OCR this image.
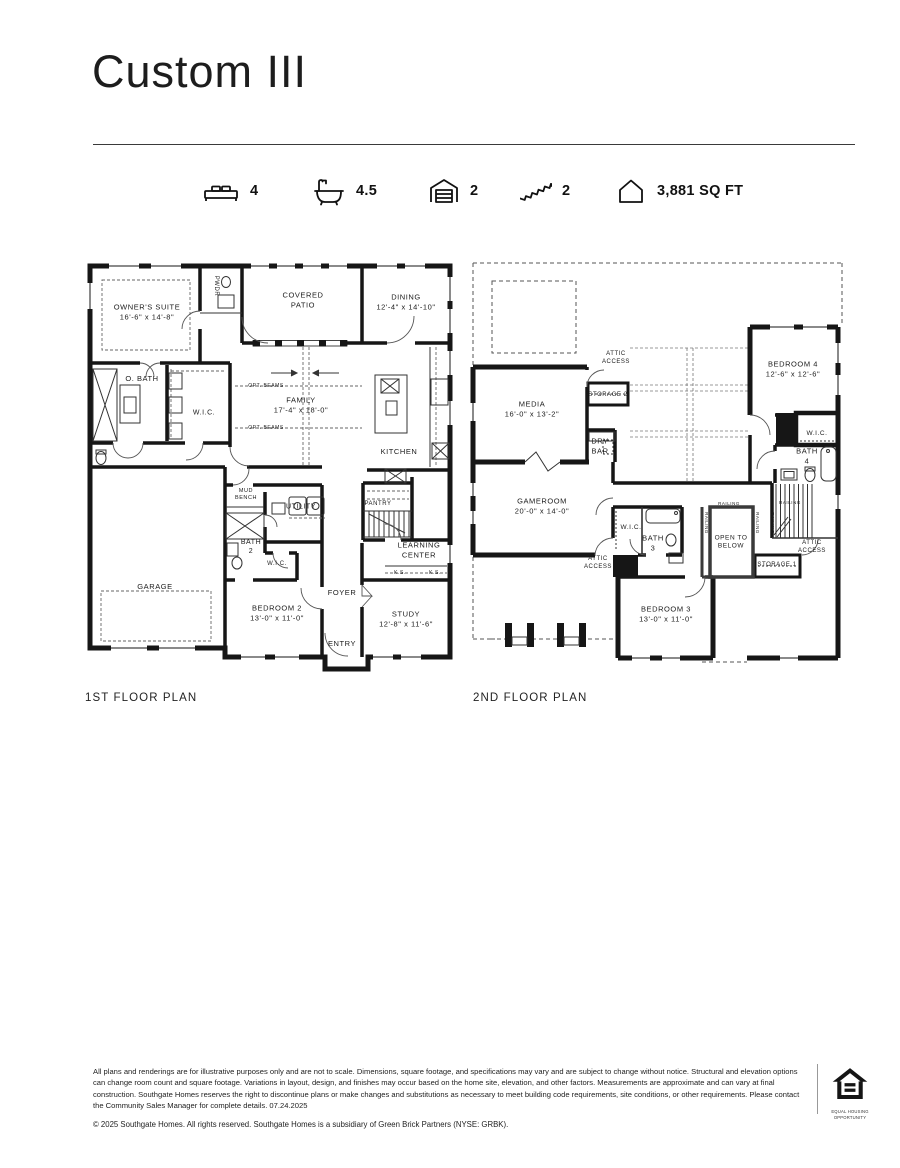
Custom III
4	4.5	2	2	3,881 SQ FT
OWNER'S SUITE
16'-6" x 14'-8"
PWDR	COVERED
PATIO
DINING
12'-4" x 14'-10"
O. BATH
W.I.C.
FAMILY
17'-4" x 18'-0"
OPT. BEAMS
OPT. BEAMS
KITCHEN
MUD
BENCH
UTILITY
BATH
2
W.I.C.
GARAGE
BEDROOM 2
13'-0" x 11'-0"
FOYER
ENTRY
PANTRY
LEARNING
CENTER
K.S.	K.S.
STUDY
12'-8" x 11'-6"
ATTIC
ACCESS
STORAGE 2
MEDIA
16'-0" x 13'-2"
DRY
BAR
BEDROOM 4
12'-6" x 12'-6"
W.I.C.
BATH
4
GAMEROOM
20'-0" x 14'-0"
W.I.C.
BATH
3
ATTIC
ACCESS
OPEN TO
BELOW
RAILING	RAILING
RAILING	RAILING RAILING
STORAGE 1
ATTIC
ACCESS
BEDROOM 3
13'-0" x 11'-0"
1ST FLOOR PLAN	2ND FLOOR PLAN
All plans and renderings are for illustrative purposes only and are not to scale. Dimensions, square footage, and specifications may vary and are subject to change without notice. Structural and elevation options can change room count and square footage. Variations in layout, design, and finishes may occur based on the home site, elevation, and other factors. Measurements are approximate and can vary at final construction. Southgate Homes reserves the right to discontinue plans or make changes and substitutions as necessary to meet building code requirements, site conditions, or other requirements. Please contact the Community Sales Manager for complete details. 07.24.2025
© 2025 Southgate Homes. All rights reserved. Southgate Homes is a subsidiary of Green Brick Partners (NYSE: GRBK).
EQUAL HOUSING
OPPORTUNITY
